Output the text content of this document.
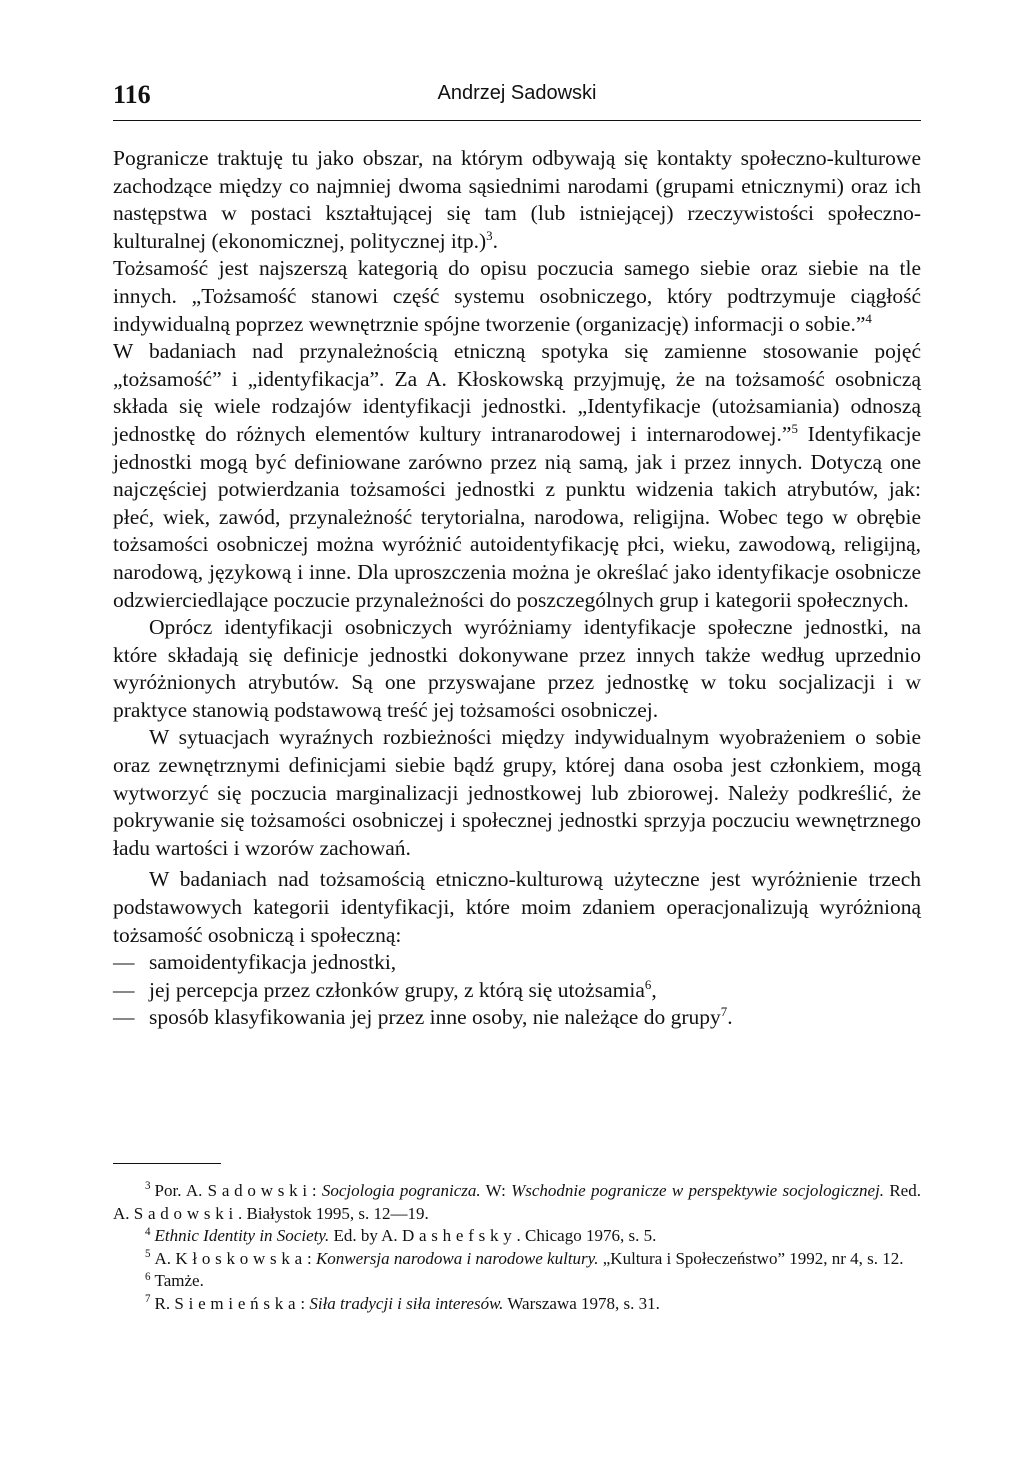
116	Andrzej Sadowski

Pogranicze traktuję tu jako obszar, na którym odbywają się kontakty społeczno-kulturowe zachodzące między co najmniej dwoma sąsiednimi narodami (grupami etnicznymi) oraz ich następstwa w postaci kształtującej się tam (lub istniejącej) rzeczywistości społeczno-kulturalnej (ekonomicznej, politycznej itp.)$^3$.

Tożsamość jest najszerszą kategorią do opisu poczucia samego siebie oraz siebie na tle innych. „Tożsamość stanowi część systemu osobniczego, który podtrzymuje ciągłość indywidualną poprzez wewnętrznie spójne tworzenie (organizację) informacji o sobie.”$^4$

W badaniach nad przynależnością etniczną spotyka się zamienne stosowanie pojęć „tożsamość” i „identyfikacja”. Za A. Kłoskowską przyjmuję, że na tożsamość osobniczą składa się wiele rodzajów identyfikacji jednostki. „Identyfikacje (utożsamiania) odnoszą jednostkę do różnych elementów kultury intranarodowej i internarodowej.”$^5$ Identyfikacje jednostki mogą być definiowane zarówno przez nią samą, jak i przez innych. Dotyczą one najczęściej potwierdzania tożsamości jednostki z punktu widzenia takich atrybutów, jak: płeć, wiek, zawód, przynależność terytorialna, narodowa, religijna. Wobec tego w obrębie tożsamości osobniczej można wyróżnić autoidentyfikację płci, wieku, zawodową, religijną, narodową, językową i inne. Dla uproszczenia można je określać jako identyfikacje osobnicze odzwierciedlające poczucie przynależności do poszczególnych grup i kategorii społecznych.

Oprócz identyfikacji osobniczych wyróżniamy identyfikacje społeczne jednostki, na które składają się definicje jednostki dokonywane przez innych także według uprzednio wyróżnionych atrybutów. Są one przyswajane przez jednostkę w toku socjalizacji i w praktyce stanowią podstawową treść jej tożsamości osobniczej.

W sytuacjach wyraźnych rozbieżności między indywidualnym wyobrażeniem o sobie oraz zewnętrznymi definicjami siebie bądź grupy, której dana osoba jest członkiem, mogą wytworzyć się poczucia marginalizacji jednostkowej lub zbiorowej. Należy podkreślić, że pokrywanie się tożsamości osobniczej i społecznej jednostki sprzyja poczuciu wewnętrznego ładu wartości i wzorów zachowań.

W badaniach nad tożsamością etniczno-kulturową użyteczne jest wyróżnienie trzech podstawowych kategorii identyfikacji, które moim zdaniem operacjonalizują wyróżnioną tożsamość osobniczą i społeczną:

— samoidentyfikacja jednostki,
— jej percepcja przez członków grupy, z którą się utożsamia$^6$,
— sposób klasyfikowania jej przez inne osoby, nie należące do grupy$^7$.

$^3$ Por. A. Sadowski: Socjologia pogranicza. W: Wschodnie pogranicze w perspektywie socjologicznej. Red. A. Sadowski. Białystok 1995, s. 12—19.

$^4$ Ethnic Identity in Society. Ed. by A. Dashefsky. Chicago 1976, s. 5.

$^5$ A. Kłoskowska: Konwersja narodowa i narodowe kultury. „Kultura i Społeczeństwo” 1992, nr 4, s. 12.

$^6$ Tamże.

$^7$ R. Siemieńska: Siła tradycji i siła interesów. Warszawa 1978, s. 31.
